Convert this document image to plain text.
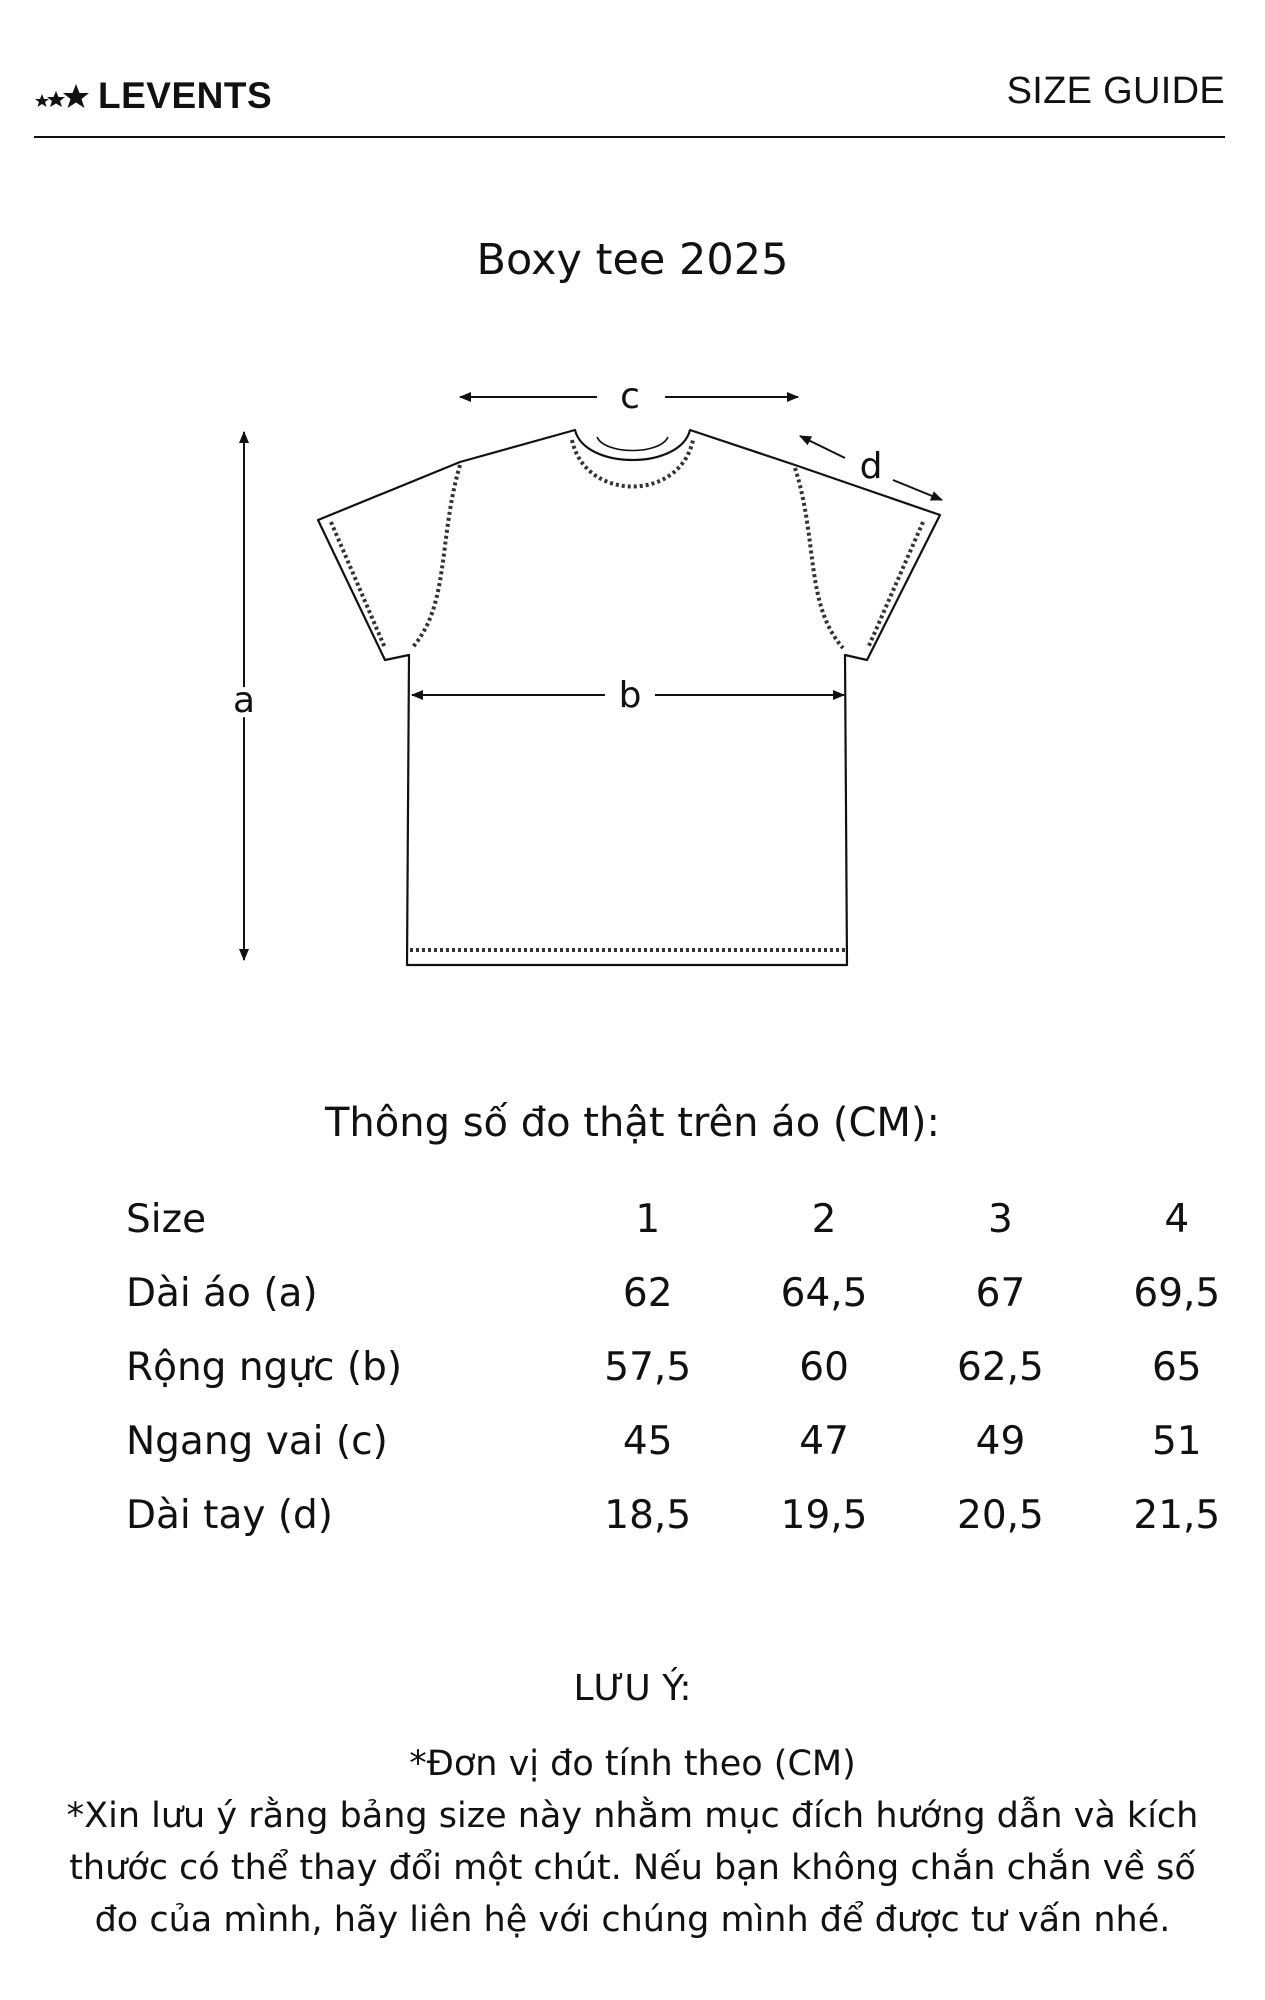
LEVENTS	SIZE GUIDE
Boxy tee 2025
a	b
c
d
Thông số đo thật trên áo (CM):
Size	1	2	3	4
Dài áo (a)	62	64,5	67	69,5
Rộng ngực (b)	57,5	60	62,5	65
Ngang vai (c)	45	47	49	51
Dài tay (d)	18,5	19,5	20,5	21,5
LƯU Ý:
*Đơn vị đo tính theo (CM)
*Xin lưu ý rằng bảng size này nhằm mục đích hướng dẫn và kích thước có thể thay đổi một chút. Nếu bạn không chắn chắn về số đo của mình, hãy liên hệ với chúng mình để được tư vấn nhé.
